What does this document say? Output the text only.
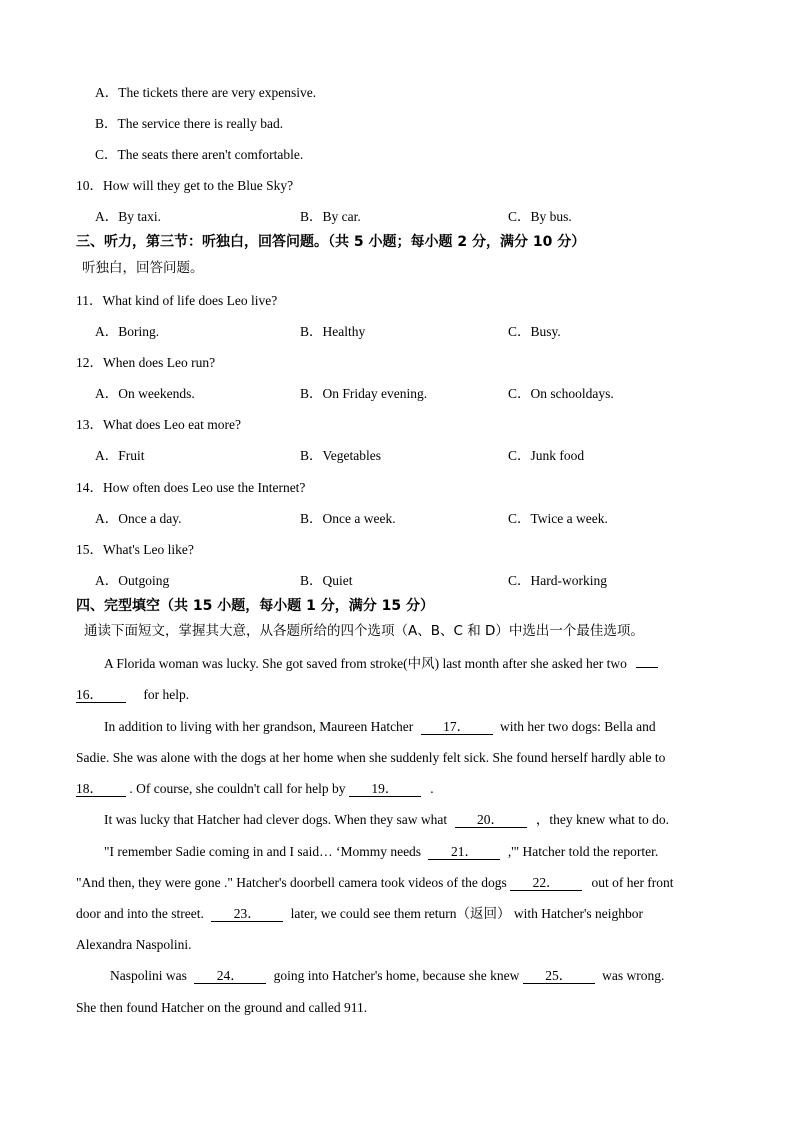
A．The tickets there are very expensive.
B．The service there is really bad.
C．The seats there aren't comfortable.
10．How will they get to the Blue Sky?
A．By taxi.	B．By car.	C．By bus.
三、听力，第三节：听独白，回答问题。（共 5 小题；每小题 2 分，满分 10 分）
听独白，回答问题。
11．What kind of life does Leo live?
A．Boring.	B．Healthy	C．Busy.
12．When does Leo run?
A．On weekends.	B．On Friday evening.	C．On schooldays.
13．What does Leo eat more?
A．Fruit	B．Vegetables	C．Junk food
14．How often does Leo use the Internet?
A．Once a day.	B．Once a week.	C．Twice a week.
15．What's Leo like?
A．Outgoing	B．Quiet	C．Hard-working
四、完型填空（共 15 小题，每小题 1 分，满分 15 分）
通读下面短文，掌握其大意，从各题所给的四个选项（A、B、C 和 D）中选出一个最佳选项。
A Florida woman was lucky. She got saved from stroke(中风) last month after she asked her two
16．	for help.
In addition to living with her grandson, Maureen Hatcher 17． with her two dogs: Bella and
Sadie. She was alone with the dogs at her home when she suddenly felt sick. She found herself hardly able to
18． . Of course, she couldn't call for help by 19． .
It was lucky that Hatcher had clever dogs. When they saw what 20． ，they knew what to do.
"I remember Sadie coming in and I said… ‘Mommy needs 21． ,'" Hatcher told the reporter.
"And then, they were gone ." Hatcher's doorbell camera took videos of the dogs 22． out of her front
door and into the street. 23． later, we could see them return（返回） with Hatcher's neighbor
Alexandra Naspolini.
Naspolini was 24． going into Hatcher's home, because she knew 25． was wrong.
She then found Hatcher on the ground and called 911.
